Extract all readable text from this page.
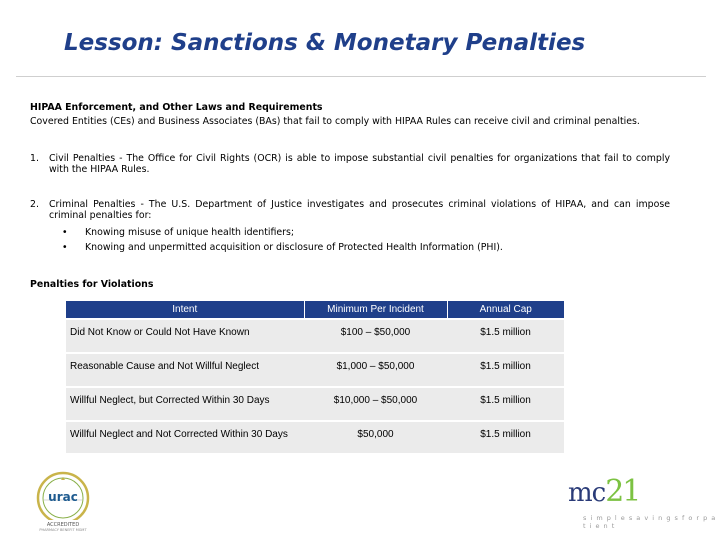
Lesson: Sanctions & Monetary Penalties
HIPAA Enforcement, and Other Laws and Requirements
Covered Entities (CEs) and Business Associates (BAs) that fail to comply with HIPAA Rules can receive civil and criminal penalties.
1. Civil Penalties - The Office for Civil Rights (OCR) is able to impose substantial civil penalties for organizations that fail to comply with the HIPAA Rules.
2. Criminal Penalties - The U.S. Department of Justice investigates and prosecutes criminal violations of HIPAA, and can impose criminal penalties for:
• Knowing misuse of unique health identifiers;
• Knowing and unpermitted acquisition or disclosure of Protected Health Information (PHI).
Penalties for Violations
Intent	Minimum Per Incident	Annual Cap
Did Not Know or Could Not Have Known	$100 – $50,000	$1.5 million
Reasonable Cause and Not Willful Neglect	$1,000 – $50,000	$1.5 million
Willful Neglect, but Corrected Within 30 Days	$10,000 – $50,000	$1.5 million
Willful Neglect and Not Corrected Within 30 Days	$50,000	$1.5 million
urac
ACCREDITED
PHARMACY BENEFIT MGMT
mc21
s i m p l e s a v i n g s f o r p a t i e n t
